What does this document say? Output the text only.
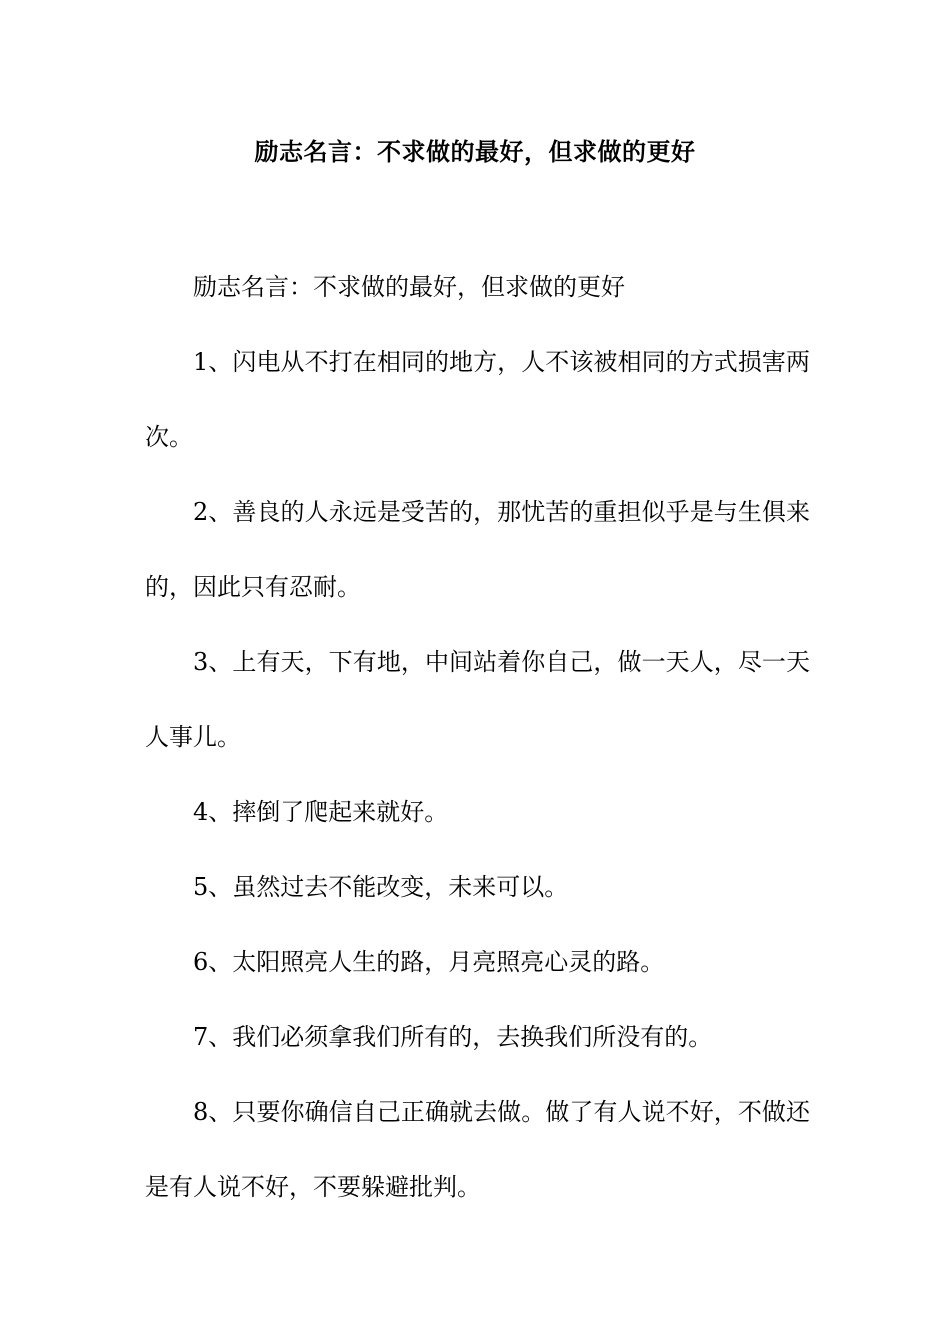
励志名言：不求做的最好，但求做的更好

励志名言：不求做的最好，但求做的更好

1、闪电从不打在相同的地方，人不该被相同的方式损害两次。

2、善良的人永远是受苦的，那忧苦的重担似乎是与生俱来的，因此只有忍耐。

3、上有天，下有地，中间站着你自己，做一天人，尽一天人事儿。

4、摔倒了爬起来就好。

5、虽然过去不能改变，未来可以。

6、太阳照亮人生的路，月亮照亮心灵的路。

7、我们必须拿我们所有的，去换我们所没有的。

8、只要你确信自己正确就去做。做了有人说不好，不做还是有人说不好，不要躲避批判。
